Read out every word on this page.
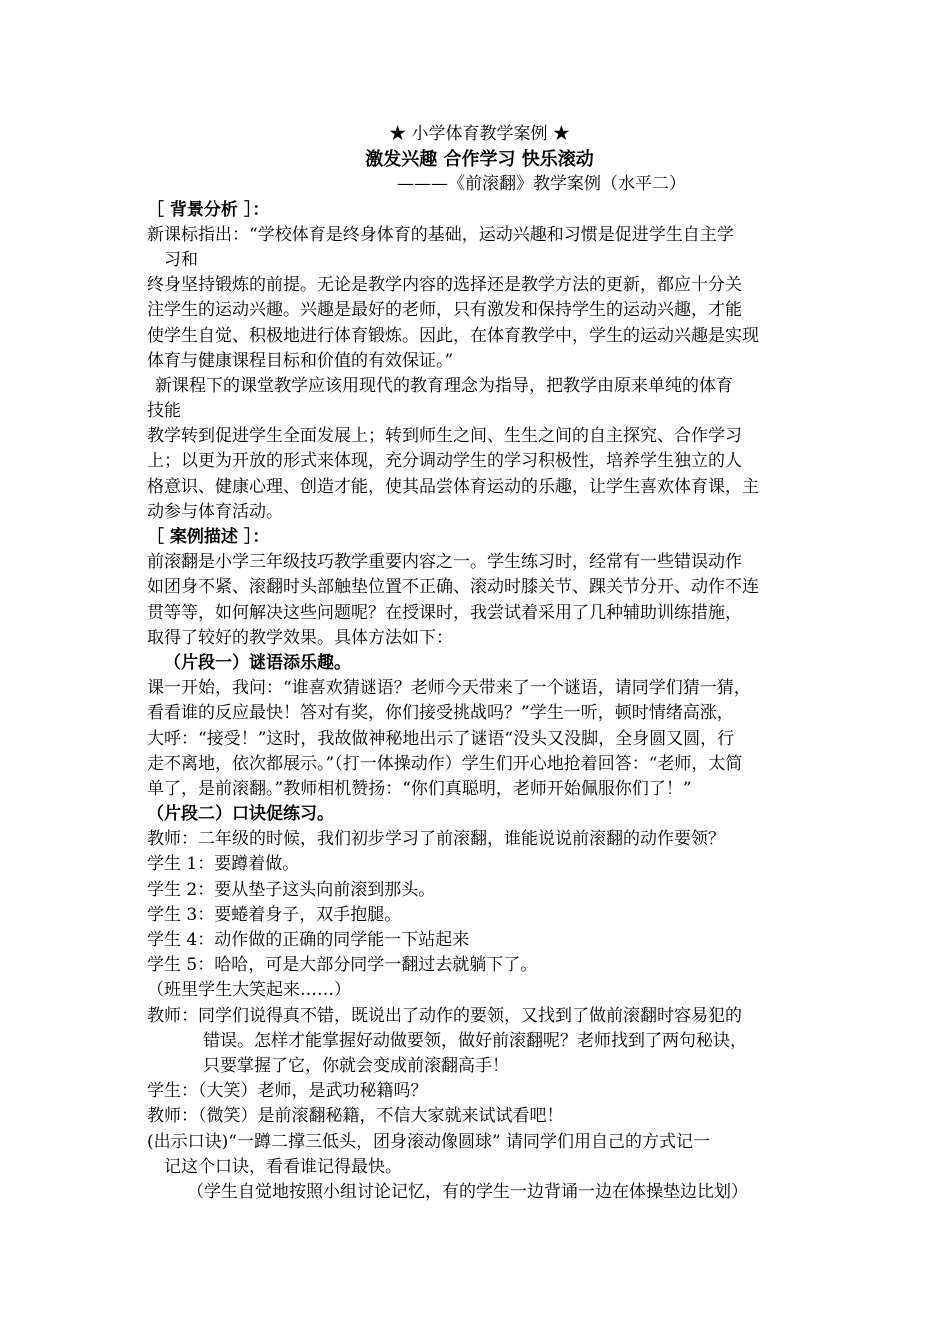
★ 小学体育教学案例 ★
激发兴趣 合作学习 快乐滚动
———《前滚翻》教学案例（水平二）
［ 背景分析 ］：
新课标指出：“学校体育是终身体育的基础，运动兴趣和习惯是促进学生自主学
习和
终身坚持锻炼的前提。无论是教学内容的选择还是教学方法的更新，都应十分关
注学生的运动兴趣。兴趣是最好的老师，只有激发和保持学生的运动兴趣，才能
使学生自觉、积极地进行体育锻炼。因此，在体育教学中，学生的运动兴趣是实现
体育与健康课程目标和价值的有效保证。”
新课程下的课堂教学应该用现代的教育理念为指导，把教学由原来单纯的体育
技能
教学转到促进学生全面发展上；转到师生之间、生生之间的自主探究、合作学习
上；以更为开放的形式来体现，充分调动学生的学习积极性，培养学生独立的人
格意识、健康心理、创造才能，使其品尝体育运动的乐趣，让学生喜欢体育课，主
动参与体育活动。
［ 案例描述 ］：
前滚翻是小学三年级技巧教学重要内容之一。学生练习时，经常有一些错误动作
如团身不紧、滚翻时头部触垫位置不正确、滚动时膝关节、踝关节分开、动作不连
贯等等，如何解决这些问题呢？在授课时，我尝试着采用了几种辅助训练措施，
取得了较好的教学效果。具体方法如下：
（片段一）谜语添乐趣。
课一开始，我问：“谁喜欢猜谜语？老师今天带来了一个谜语，请同学们猜一猜，
看看谁的反应最快！答对有奖，你们接受挑战吗？”学生一听，顿时情绪高涨，
大呼：“接受！”这时，我故做神秘地出示了谜语“没头又没脚，全身圆又圆，行
走不离地，依次都展示。”（打一体操动作）学生们开心地抢着回答：“老师，太简
单了，是前滚翻。”教师相机赞扬：“你们真聪明，老师开始佩服你们了！”
（片段二）口诀促练习。
教师：二年级的时候，我们初步学习了前滚翻，谁能说说前滚翻的动作要领？
学生 1：要蹲着做。
学生 2：要从垫子这头向前滚到那头。
学生 3：要蜷着身子，双手抱腿。
学生 4：动作做的正确的同学能一下站起来
学生 5：哈哈，可是大部分同学一翻过去就躺下了。
（班里学生大笑起来……）
教师：同学们说得真不错，既说出了动作的要领，又找到了做前滚翻时容易犯的
错误。怎样才能掌握好动做要领，做好前滚翻呢？老师找到了两句秘诀，
只要掌握了它，你就会变成前滚翻高手！
学生：（大笑）老师，是武功秘籍吗？
教师：（微笑）是前滚翻秘籍，不信大家就来试试看吧！
(出示口诀)“一蹲二撑三低头，团身滚动像圆球” 请同学们用自己的方式记一
记这个口诀，看看谁记得最快。
（学生自觉地按照小组讨论记忆，有的学生一边背诵一边在体操垫边比划）
